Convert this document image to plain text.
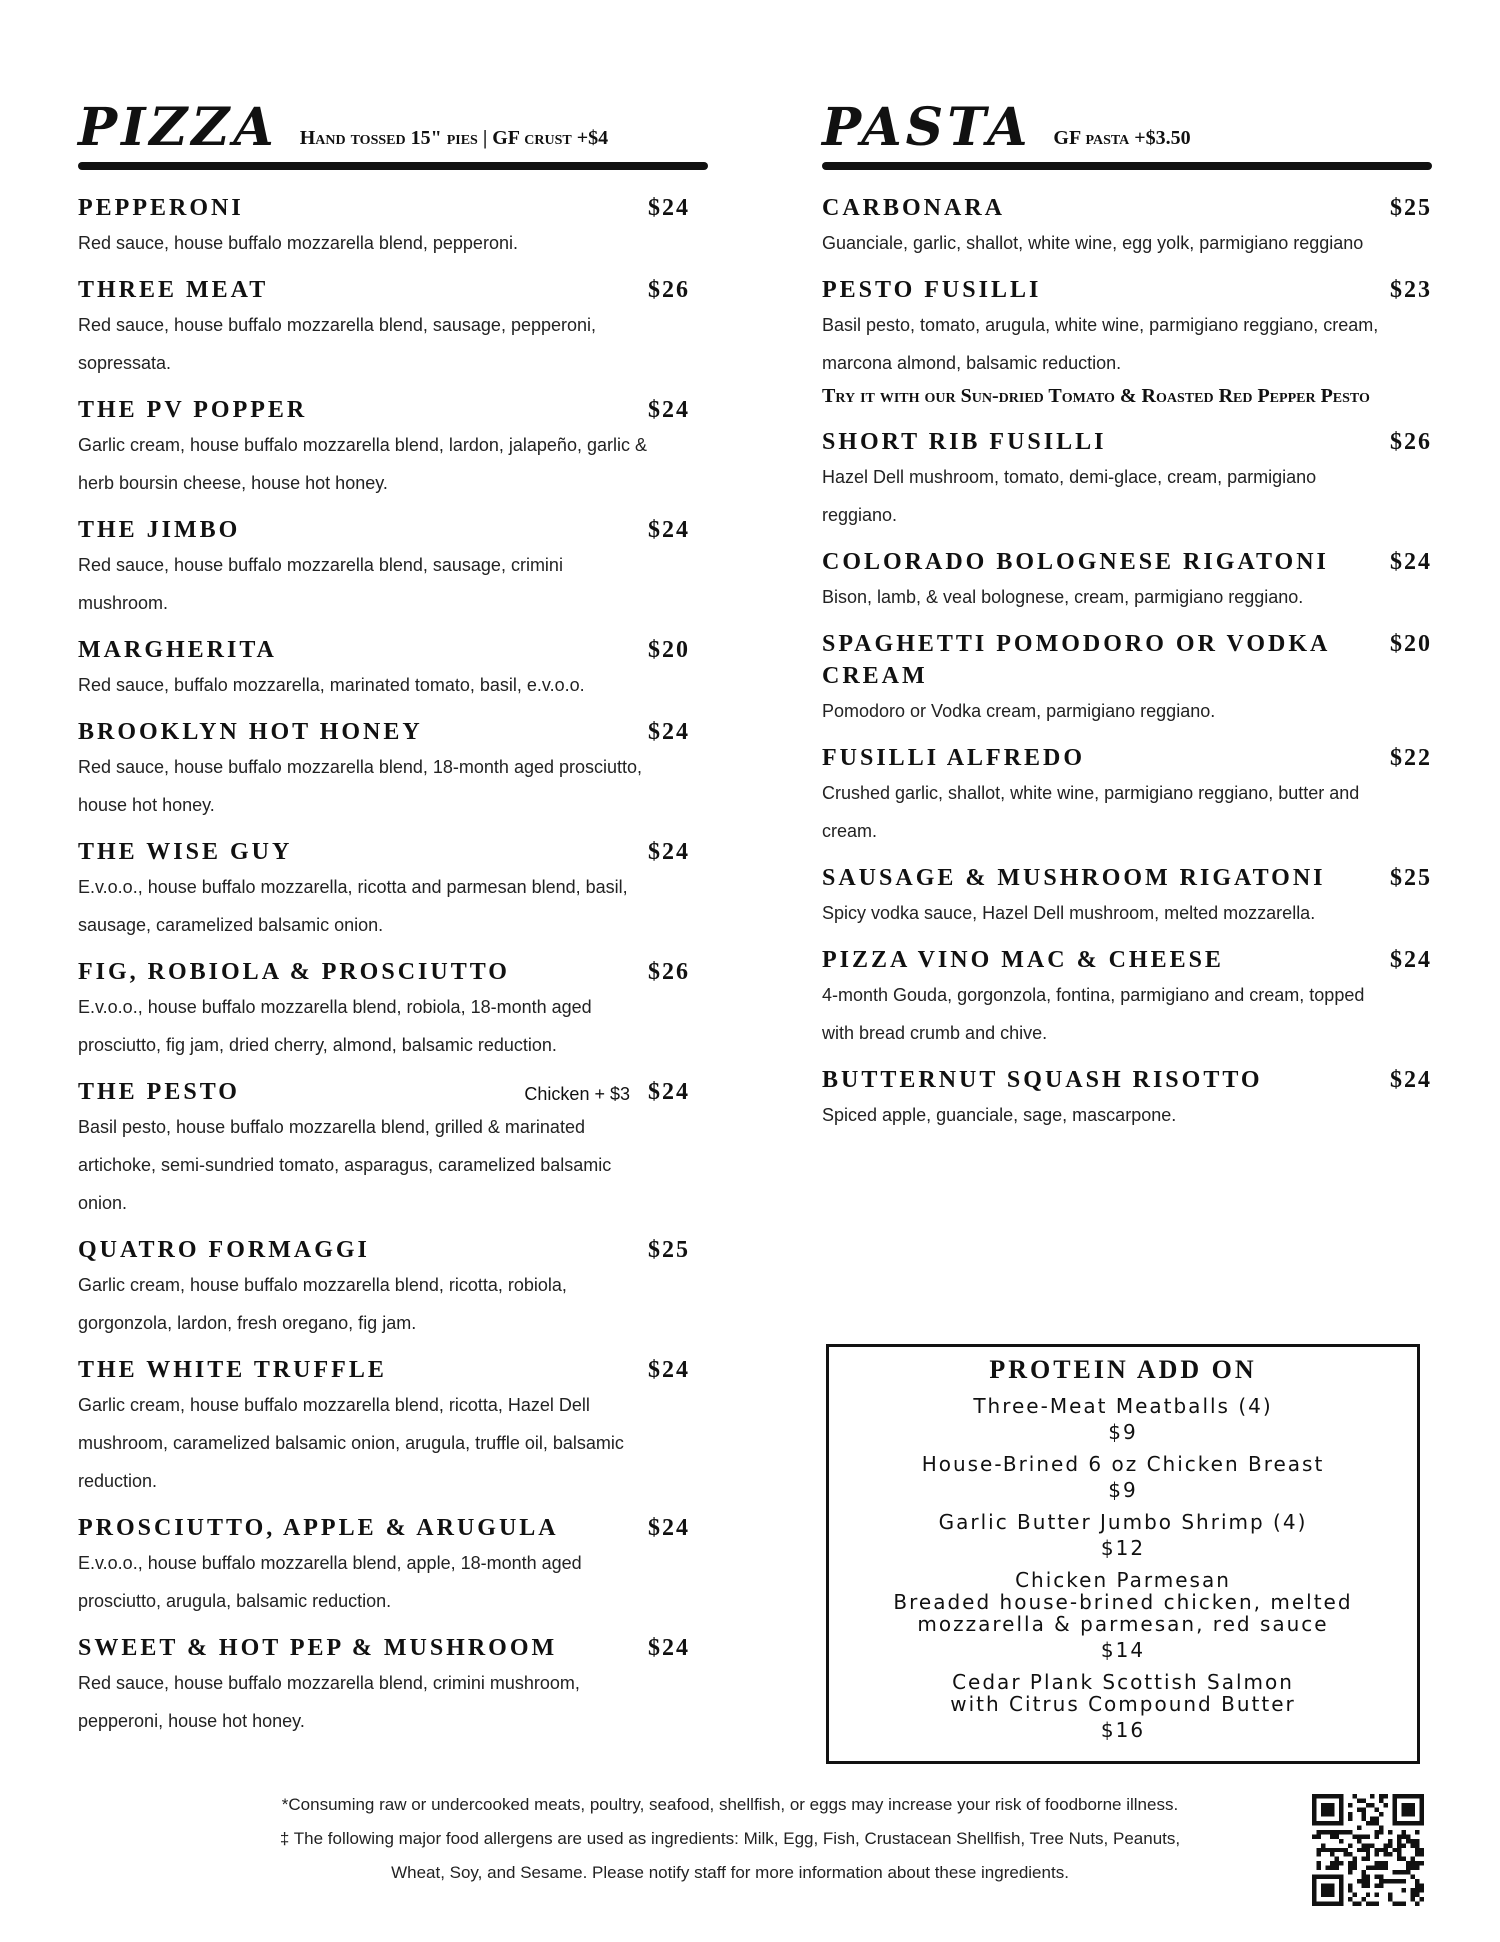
PIZZA Hand tossed 15" pies | GF crust +$4
PEPPERONI	$24
Red sauce, house buffalo mozzarella blend, pepperoni.
THREE MEAT	$26
Red sauce, house buffalo mozzarella blend, sausage, pepperoni, sopressata.
THE PV POPPER	$24
Garlic cream, house buffalo mozzarella blend, lardon, jalapeño, garlic & herb boursin cheese, house hot honey.
THE JIMBO	$24
Red sauce, house buffalo mozzarella blend, sausage, crimini mushroom.
MARGHERITA	$20
Red sauce, buffalo mozzarella, marinated tomato, basil, e.v.o.o.
BROOKLYN HOT HONEY	$24
Red sauce, house buffalo mozzarella blend, 18-month aged prosciutto, house hot honey.
THE WISE GUY	$24
E.v.o.o., house buffalo mozzarella, ricotta and parmesan blend, basil, sausage, caramelized balsamic onion.
FIG, ROBIOLA & PROSCIUTTO	$26
E.v.o.o., house buffalo mozzarella blend, robiola, 18-month aged prosciutto, fig jam, dried cherry, almond, balsamic reduction.
THE PESTO	Chicken + $3 $24
Basil pesto, house buffalo mozzarella blend, grilled & marinated artichoke, semi-sundried tomato, asparagus, caramelized balsamic onion.
QUATRO FORMAGGI	$25
Garlic cream, house buffalo mozzarella blend, ricotta, robiola, gorgonzola, lardon, fresh oregano, fig jam.
THE WHITE TRUFFLE	$24
Garlic cream, house buffalo mozzarella blend, ricotta, Hazel Dell mushroom, caramelized balsamic onion, arugula, truffle oil, balsamic reduction.
PROSCIUTTO, APPLE & ARUGULA	$24
E.v.o.o., house buffalo mozzarella blend, apple, 18-month aged prosciutto, arugula, balsamic reduction.
SWEET & HOT PEP & MUSHROOM	$24
Red sauce, house buffalo mozzarella blend, crimini mushroom, pepperoni, house hot honey.
PASTA GF pasta +$3.50
CARBONARA	$25
Guanciale, garlic, shallot, white wine, egg yolk, parmigiano reggiano
PESTO FUSILLI	$23
Basil pesto, tomato, arugula, white wine, parmigiano reggiano, cream, marcona almond, balsamic reduction.
Try it with our Sun-dried Tomato & Roasted Red Pepper Pesto
SHORT RIB FUSILLI	$26
Hazel Dell mushroom, tomato, demi-glace, cream, parmigiano reggiano.
COLORADO BOLOGNESE RIGATONI	$24
Bison, lamb, & veal bolognese, cream, parmigiano reggiano.
SPAGHETTI POMODORO OR VODKA CREAM
$20
Pomodoro or Vodka cream, parmigiano reggiano.
FUSILLI ALFREDO	$22
Crushed garlic, shallot, white wine, parmigiano reggiano, butter and cream.
SAUSAGE & MUSHROOM RIGATONI	$25
Spicy vodka sauce, Hazel Dell mushroom, melted mozzarella.
PIZZA VINO MAC & CHEESE	$24
4-month Gouda, gorgonzola, fontina, parmigiano and cream, topped with bread crumb and chive.
BUTTERNUT SQUASH RISOTTO	$24
Spiced apple, guanciale, sage, mascarpone.
PROTEIN ADD ON
Three-Meat Meatballs (4)
$9
House-Brined 6 oz Chicken Breast
$9
Garlic Butter Jumbo Shrimp (4)
$12
Chicken Parmesan
Breaded house-brined chicken, melted
mozzarella & parmesan, red sauce
$14
Cedar Plank Scottish Salmon
with Citrus Compound Butter
$16
*Consuming raw or undercooked meats, poultry, seafood, shellfish, or eggs may increase your risk of foodborne illness.
‡ The following major food allergens are used as ingredients: Milk, Egg, Fish, Crustacean Shellfish, Tree Nuts, Peanuts,
Wheat, Soy, and Sesame. Please notify staff for more information about these ingredients.
